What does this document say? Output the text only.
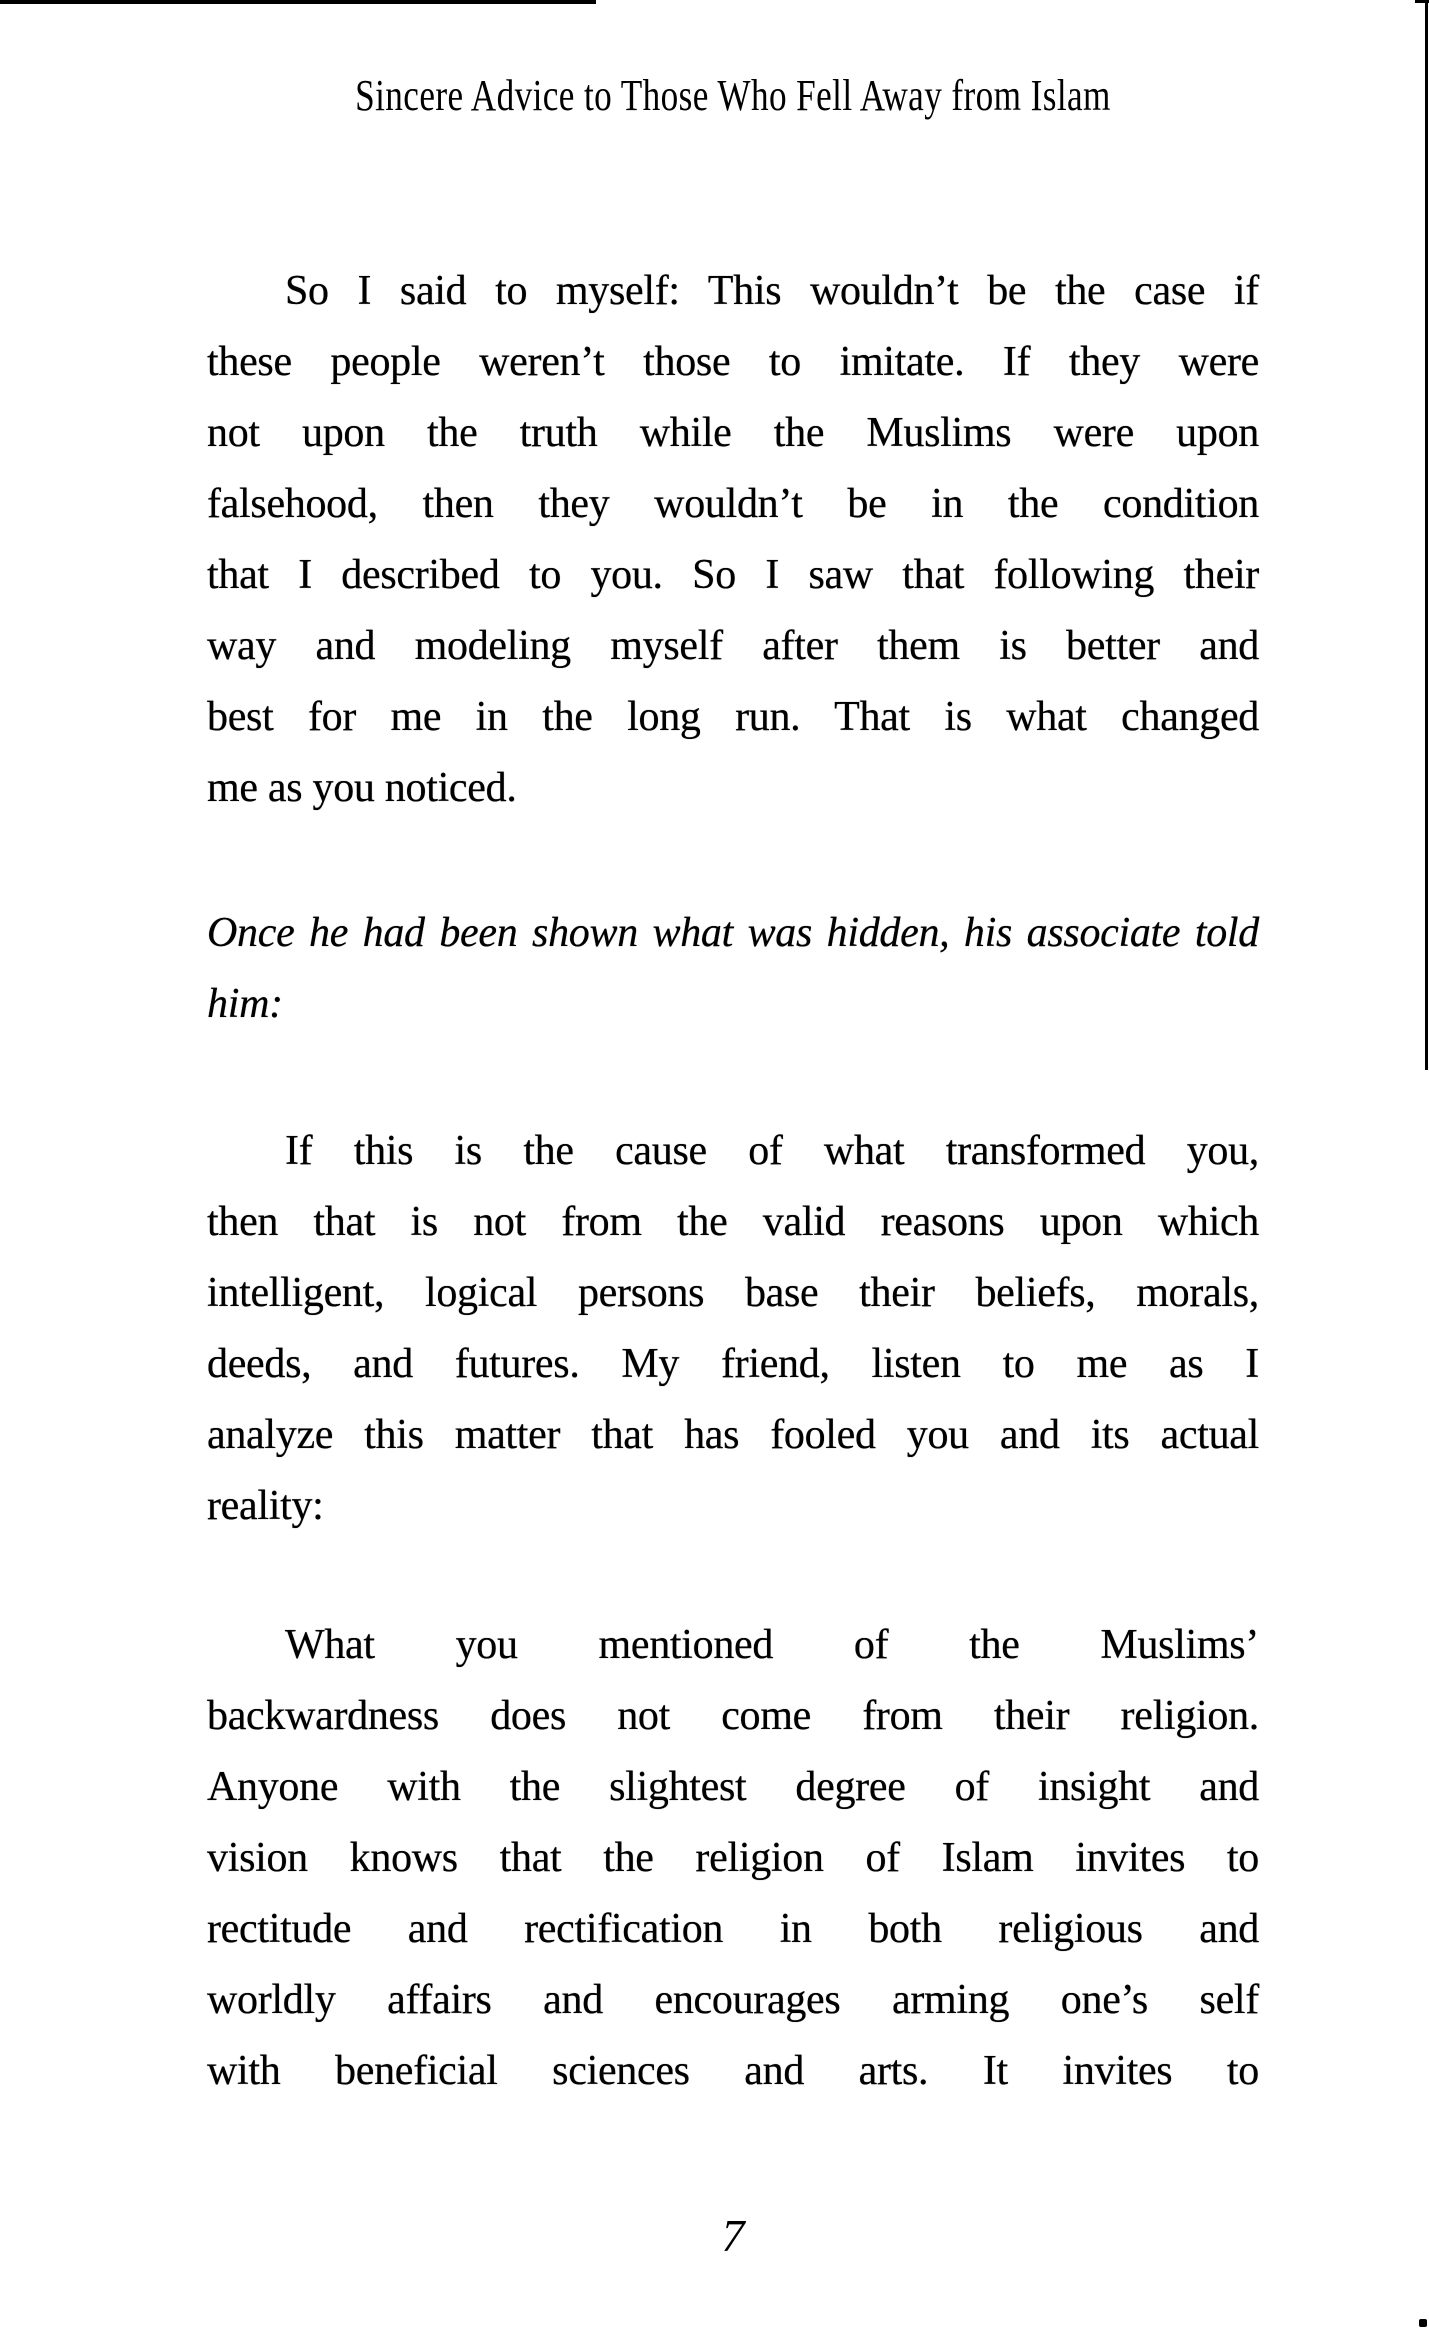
Sincere Advice to Those Who Fell Away from Islam
So I said to myself: This wouldn’t be the case if
these people weren’t those to imitate. If they were
not upon the truth while the Muslims were upon
falsehood, then they wouldn’t be in the condition
that I described to you. So I saw that following their
way and modeling myself after them is better and
best for me in the long run. That is what changed
me as you noticed.
Once he had been shown what was hidden, his associate told
him:
If this is the cause of what transformed you,
then that is not from the valid reasons upon which
intelligent, logical persons base their beliefs, morals,
deeds, and futures. My friend, listen to me as I
analyze this matter that has fooled you and its actual
reality:
What you mentioned of the Muslims’
backwardness does not come from their religion.
Anyone with the slightest degree of insight and
vision knows that the religion of Islam invites to
rectitude and rectification in both religious and
worldly affairs and encourages arming one’s self
with beneficial sciences and arts. It invites to
7
